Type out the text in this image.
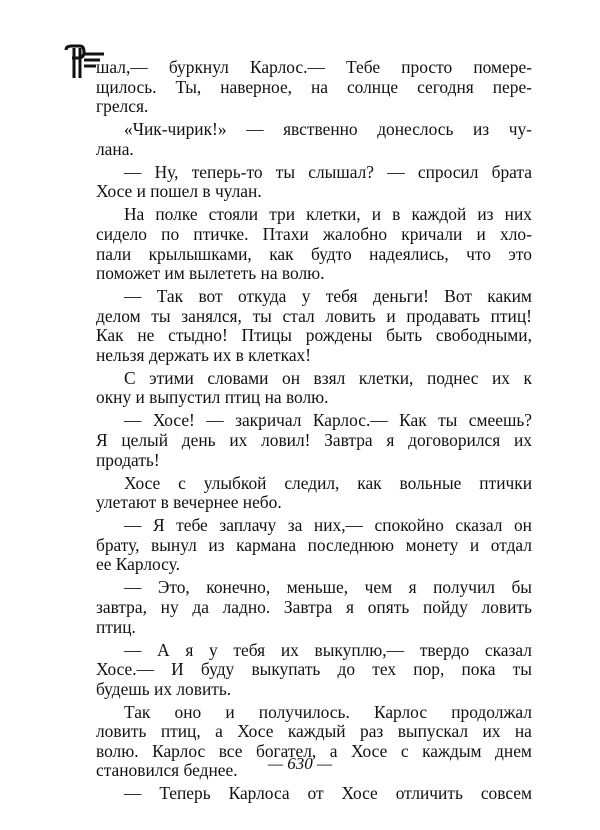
шал,— буркнул Карлос.— Тебе просто помере-
щилось. Ты, наверное, на солнце сегодня пере-
грелся.
«Чик-чирик!» — явственно донеслось из чу-
лана.
— Ну, теперь-то ты слышал? — спросил брата
Хосе и пошел в чулан.
На полке стояли три клетки, и в каждой из них
сидело по птичке. Птахи жалобно кричали и хло-
пали крылышками, как будто надеялись, что это
поможет им вылететь на волю.
— Так вот откуда у тебя деньги! Вот каким
делом ты занялся, ты стал ловить и продавать птиц!
Как не стыдно! Птицы рождены быть свободными,
нельзя держать их в клетках!
С этими словами он взял клетки, поднес их к
окну и выпустил птиц на волю.
— Хосе! — закричал Карлос.— Как ты смеешь?
Я целый день их ловил! Завтра я договорился их
продать!
Хосе с улыбкой следил, как вольные птички
улетают в вечернее небо.
— Я тебе заплачу за них,— спокойно сказал он
брату, вынул из кармана последнюю монету и отдал
ее Карлосу.
— Это, конечно, меньше, чем я получил бы
завтра, ну да ладно. Завтра я опять пойду ловить
птиц.
— А я у тебя их выкуплю,— твердо сказал
Хосе.— И буду выкупать до тех пор, пока ты
будешь их ловить.
Так оно и получилось. Карлос продолжал
ловить птиц, а Хосе каждый раз выпускал их на
волю. Карлос все богател, а Хосе с каждым днем
становился беднее.
— Теперь Карлоса от Хосе отличить совсем
— 630 —
